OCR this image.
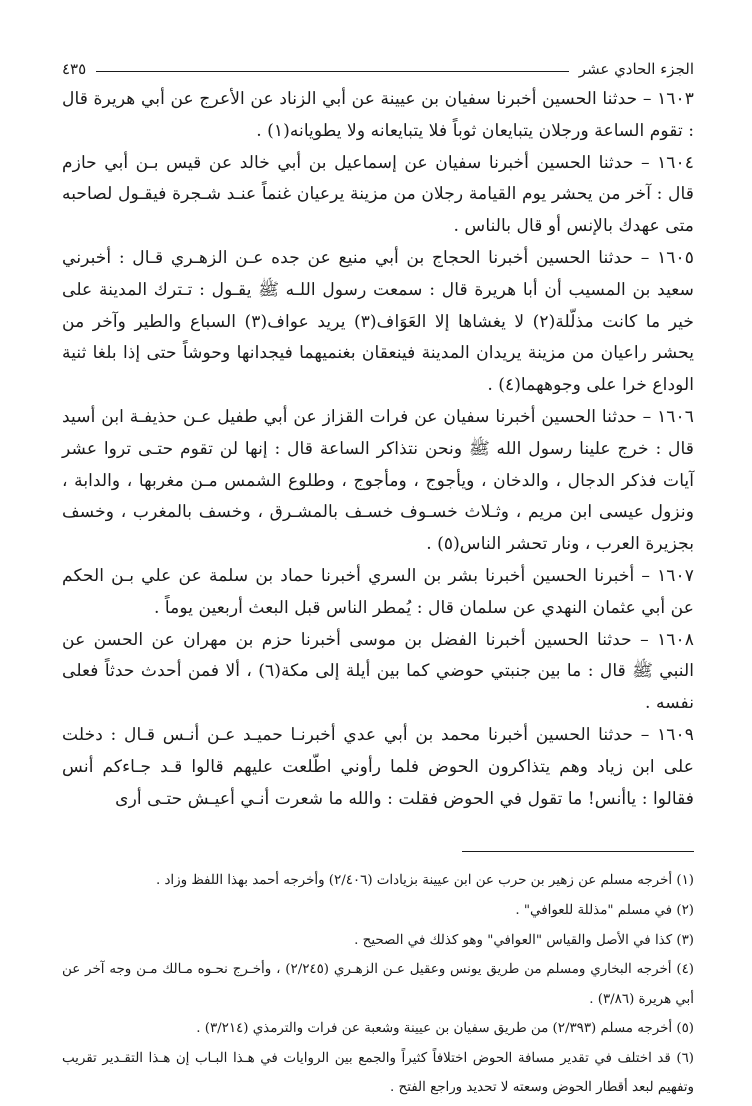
الجزء الحادي عشر
٤٣٥

١٦٠٣ – حدثنا الحسين أخبرنا سفيان بن عيينة عن أبي الزناد عن الأعرج عن أبي هريرة قال : تقوم الساعة ورجلان يتبايعان ثوباً فلا يتبايعانه ولا يطويانه(١) .

١٦٠٤ – حدثنا الحسين أخبرنا سفيان عن إسماعيل بن أبي خالد عن قيس بـن أبي حازم قال : آخر من يحشر يوم القيامة رجلان من مزينة يرعيان غنماً عنـد شـجرة فيقـول لصاحبه متى عهدك بالإنس أو قال بالناس .

١٦٠٥ – حدثنا الحسين أخبرنا الحجاج بن أبي منيع عن جده عـن الزهـري قـال : أخبرني سعيد بن المسيب أن أبا هريرة قال : سمعت رسول اللـه ﷺ يقـول : تـترك المدينة على خير ما كانت مذلّلة(٢) لا يغشاها إلا العَوَاف(٣) يريد عواف(٣) السباع والطير وآخر من يحشر راعيان من مزينة يريدان المدينة فينعقان بغنميهما فيجدانها وحوشاً حتى إذا بلغا ثنية الوداع خرا على وجوههما(٤) .

١٦٠٦ – حدثنا الحسين أخبرنا سفيان عن فرات القزاز عن أبي طفيل عـن حذيفـة ابن أسيد قال : خرج علينا رسول الله ﷺ ونحن نتذاكر الساعة قال : إنها لن تقوم حتـى تروا عشر آيات فذكر الدجال ، والدخان ، ويأجوج ، ومأجوج ، وطلوع الشمس مـن مغربها ، والدابة ، ونزول عيسى ابن مريم ، وثـلاث خسـوف خسـف بالمشـرق ، وخسف بالمغرب ، وخسف بجزيرة العرب ، ونار تحشر الناس(٥) .

١٦٠٧ – أخبرنا الحسين أخبرنا بشر بن السري أخبرنا حماد بن سلمة عن علي بـن الحكم عن أبي عثمان النهدي عن سلمان قال : يُمطر الناس قبل البعث أربعين يوماً .

١٦٠٨ – حدثنا الحسين أخبرنا الفضل بن موسى أخبرنا حزم بن مهران عن الحسن عن النبي ﷺ قال : ما بين جنبتي حوضي كما بين أيلة إلى مكة(٦) ، ألا فمن أحدث حدثاً فعلى نفسه .

١٦٠٩ – حدثنا الحسين أخبرنا محمد بن أبي عدي أخبرنـا حميـد عـن أنـس قـال : دخلت على ابن زياد وهم يتذاكرون الحوض فلما رأوني اطّلعت عليهم قالوا قـد جـاءكم أنس فقالوا : ياأنس! ما تقول في الحوض فقلت : والله ما شعرت أنـي أعيـش حتـى أرى

(١) أخرجه مسلم عن زهير بن حرب عن ابن عيينة بزيادات (٢/٤٠٦) وأخرجه أحمد بهذا اللفظ وزاد .

(٢) في مسلم "مذللة للعوافي" .

(٣) كذا في الأصل والقياس "العوافي" وهو كذلك في الصحيح .

(٤) أخرجه البخاري ومسلم من طريق يونس وعقيل عـن الزهـري (٢/٢٤٥) ، وأخـرج نحـوه مـالك مـن وجه آخر عن أبي هريرة (٣/٨٦) .

(٥) أخرجه مسلم (٢/٣٩٣) من طريق سفيان بن عيينة وشعبة عن فرات والترمذي (٣/٢١٤) .

(٦) قد اختلف في تقدير مسافة الحوض اختلافاً كثيراً والجمع بين الروايات في هـذا البـاب إن هـذا التقـدير تقريب وتفهيم لبعد أقطار الحوض وسعته لا تحديد وراجع الفتح .
